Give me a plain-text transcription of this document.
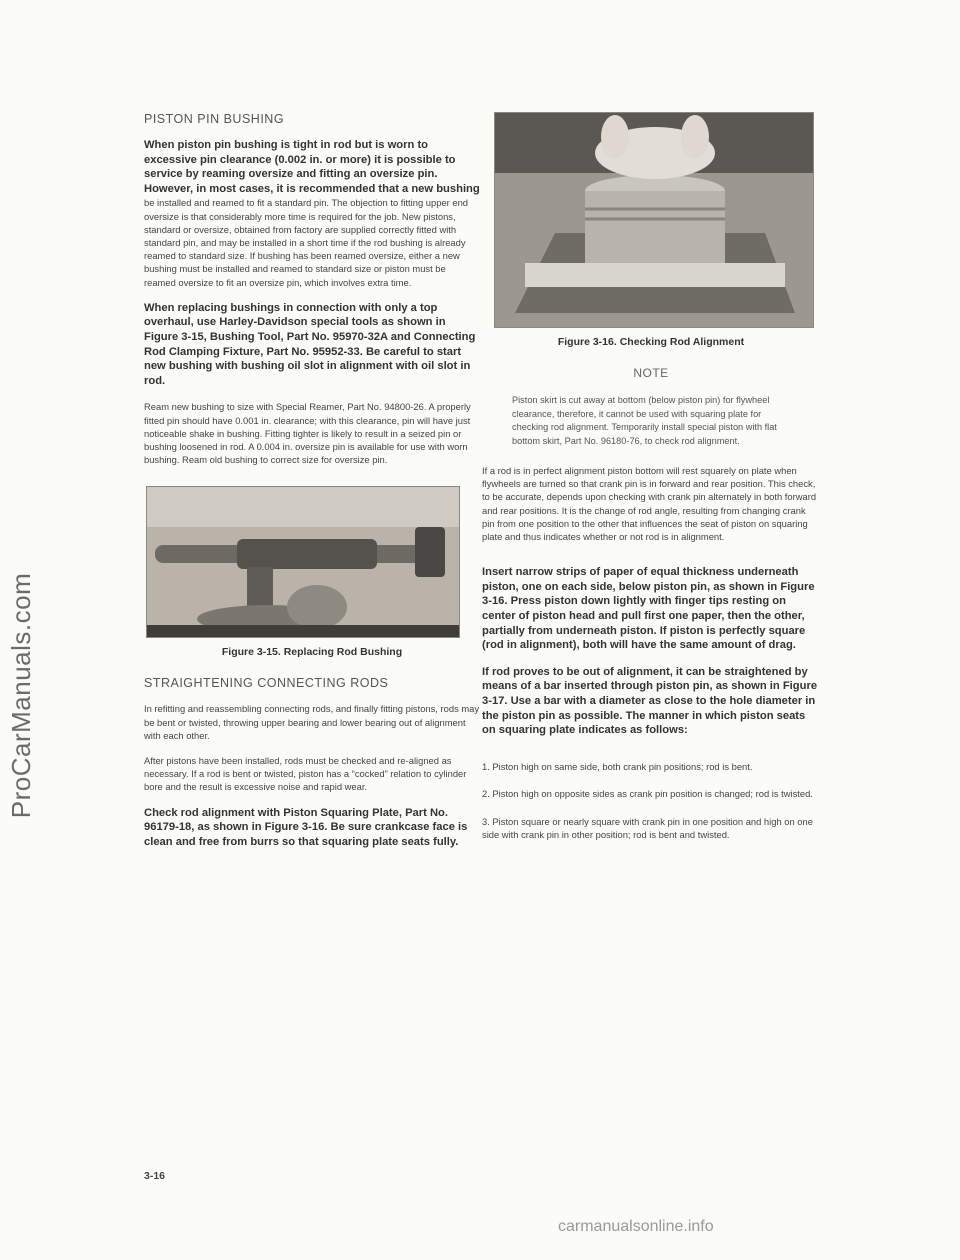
ProCarManuals.com
PISTON PIN BUSHING

When piston pin bushing is tight in rod but is worn to excessive pin clearance (0.002 in. or more) it is possible to service by reaming oversize and fitting an oversize pin. However, in most cases, it is recommended that a new bushing

be installed and reamed to fit a standard pin. The objection to fitting upper end oversize is that considerably more time is required for the job. New pistons, standard or oversize, obtained from factory are supplied correctly fitted with standard pin, and may be installed in a short time if the rod bushing is already reamed to standard size. If bushing has been reamed oversize, either a new bushing must be installed and reamed to standard size or piston must be reamed oversize to fit an oversize pin, which involves extra time.

When replacing bushings in connection with only a top overhaul, use Harley-Davidson special tools as shown in Figure 3-15, Bushing Tool, Part No. 95970-32A and Connecting Rod Clamping Fixture, Part No. 95952-33. Be careful to start new bushing with bushing oil slot in alignment with oil slot in rod.

Ream new bushing to size with Special Reamer, Part No. 94800-26. A properly fitted pin should have 0.001 in. clearance; with this clearance, pin will have just noticeable shake in bushing. Fitting tighter is likely to result in a seized pin or bushing loosened in rod. A 0.004 in. oversize pin is available for use with worn bushing. Ream old bushing to correct size for oversize pin.

Figure 3-15. Replacing Rod Bushing
STRAIGHTENING CONNECTING RODS

In refitting and reassembling connecting rods, and finally fitting pistons, rods may be bent or twisted, throwing upper bearing and lower bearing out of alignment with each other.

After pistons have been installed, rods must be checked and re-aligned as necessary. If a rod is bent or twisted, piston has a “cocked” relation to cylinder bore and the result is excessive noise and rapid wear.

Check rod alignment with Piston Squaring Plate, Part No. 96179-18, as shown in Figure 3-16. Be sure crankcase face is clean and free from burrs so that squaring plate seats fully.

Figure 3-16. Checking Rod Alignment
NOTE
Piston skirt is cut away at bottom (below piston pin) for flywheel clearance, therefore, it cannot be used with squaring plate for checking rod alignment. Temporarily install special piston with flat bottom skirt, Part No. 96180-76, to check rod alignment.

If a rod is in perfect alignment piston bottom will rest squarely on plate when flywheels are turned so that crank pin is in forward and rear position. This check, to be accurate, depends upon checking with crank pin alternately in both forward and rear positions. It is the change of rod angle, resulting from changing crank pin from one position to the other that influences the seat of piston on squaring plate and thus indicates whether or not rod is in alignment.

Insert narrow strips of paper of equal thickness underneath piston, one on each side, below piston pin, as shown in Figure 3-16. Press piston down lightly with finger tips resting on center of piston head and pull first one paper, then the other, partially from underneath piston. If piston is perfectly square (rod in alignment), both will have the same amount of drag.

If rod proves to be out of alignment, it can be straightened by means of a bar inserted through piston pin, as shown in Figure 3-17. Use a bar with a diameter as close to the hole diameter in the piston pin as possible. The manner in which piston seats on squaring plate indicates as follows:

1. Piston high on same side, both crank pin positions; rod is bent.
2. Piston high on opposite sides as crank pin position is changed; rod is twisted.
3. Piston square or nearly square with crank pin in one position and high on one side with crank pin in other position; rod is bent and twisted.
3-16
carmanualsonline.info
